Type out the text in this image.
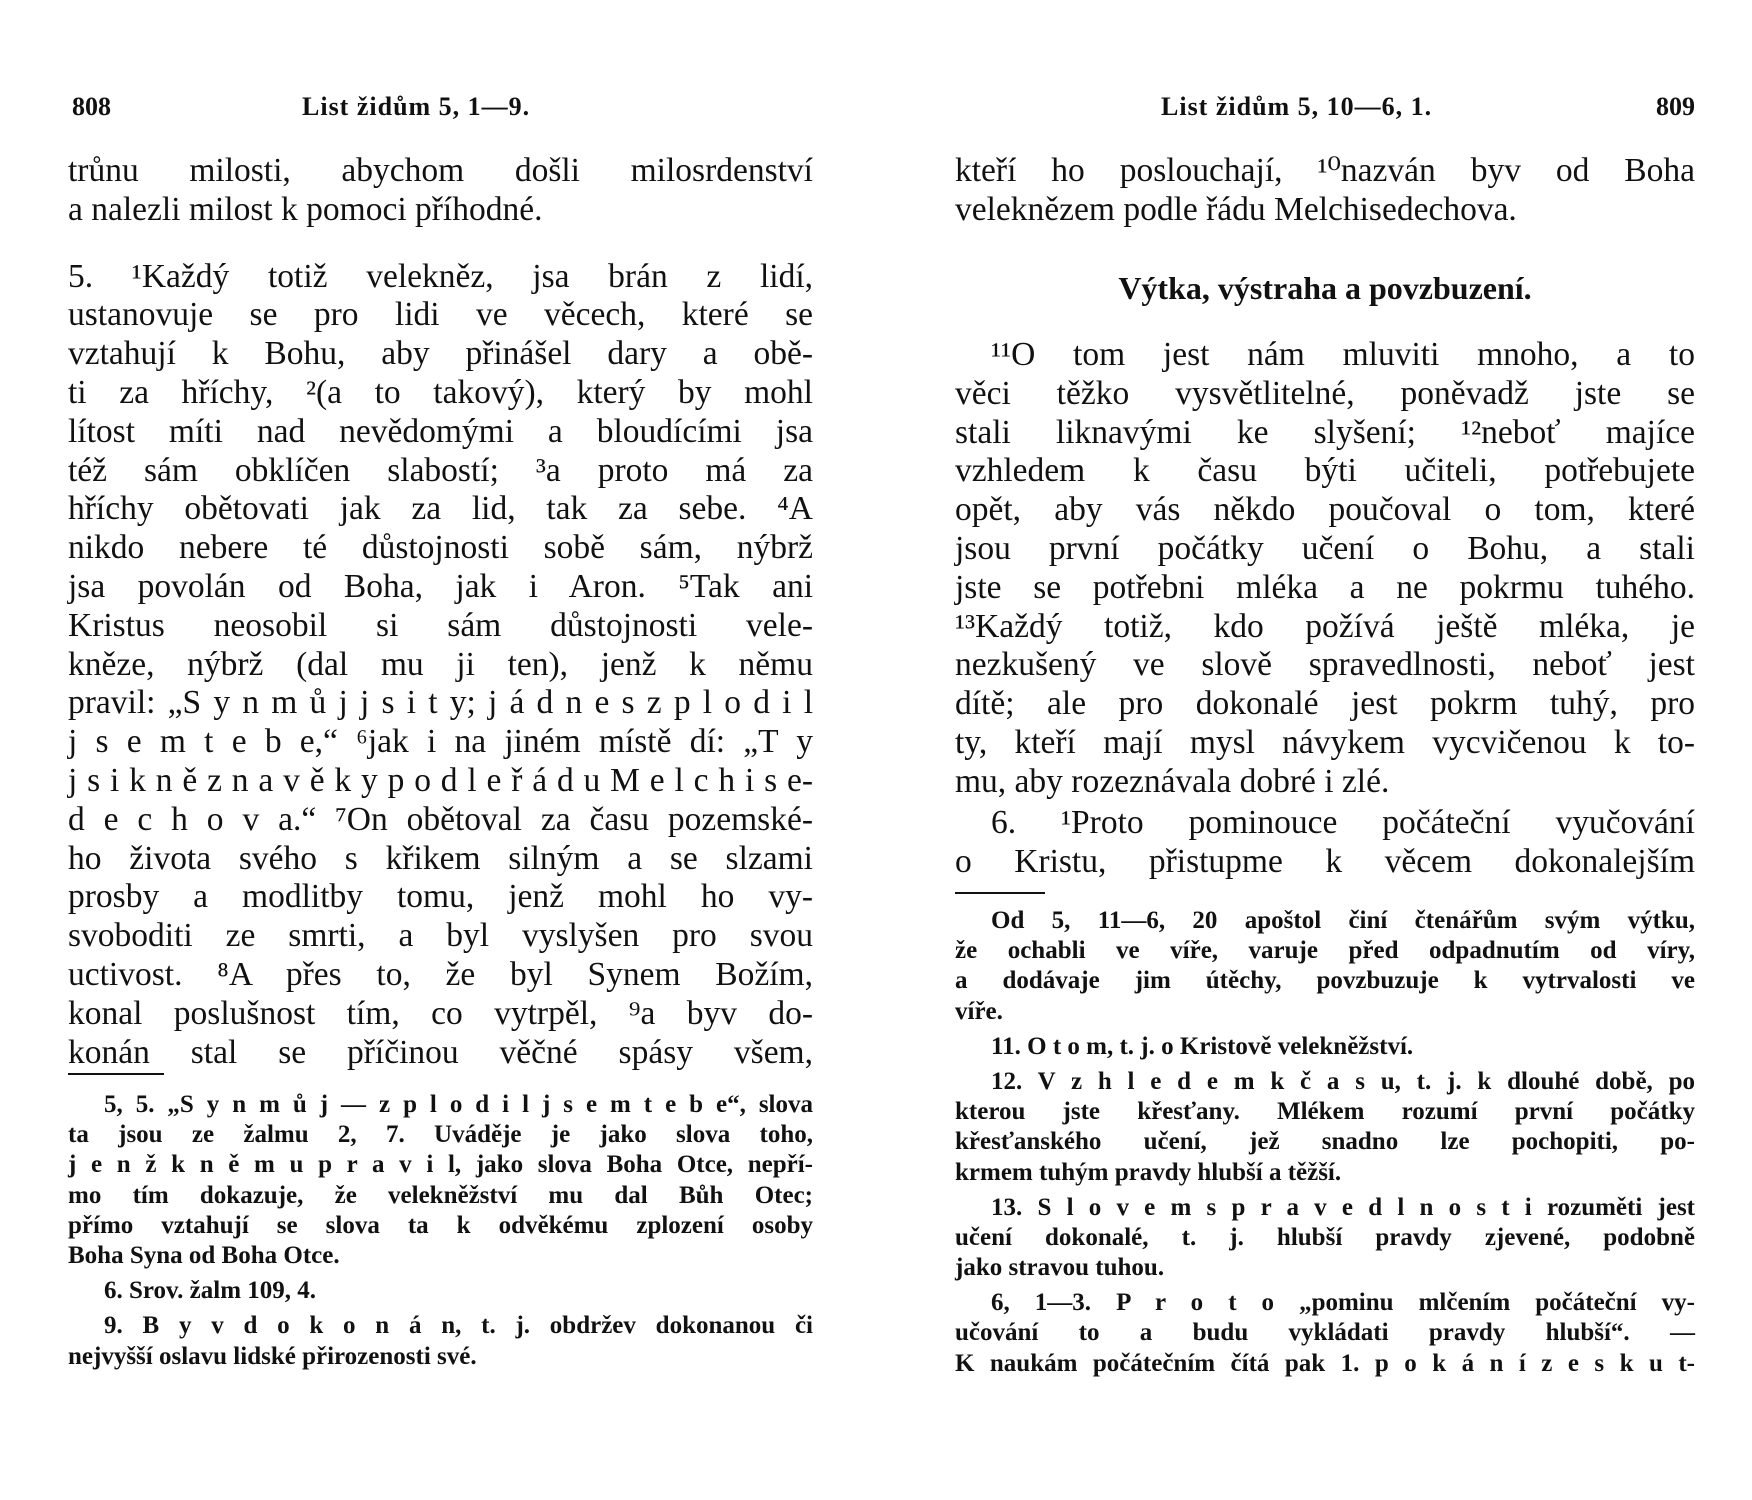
808	List židům 5, 1—9.
trůnu milosti, abychom došli milosrdenství
a nalezli milost k pomoci příhodné.
5. ¹Každý totiž velekněz, jsa brán z lidí,
ustanovuje se pro lidi ve věcech, které se
vztahují k Bohu, aby přinášel dary a obě-
ti za hříchy, ²(a to takový), který by mohl
lítost míti nad nevědomými a bloudícími jsa
též sám obklíčen slabostí; ³a proto má za
hříchy obětovati jak za lid, tak za sebe. ⁴A
nikdo nebere té důstojnosti sobě sám, nýbrž
jsa povolán od Boha, jak i Aron. ⁵Tak ani
Kristus neosobil si sám důstojnosti vele-
kněze, nýbrž (dal mu ji ten), jenž k němu
pravil: „S y n m ů j j s i t y; j á d n e s z p l o d i l
j s e m t e b e,“ ⁶jak i na jiném místě dí: „T y
j s i k n ě z n a v ě k y p o d l e ř á d u M e l c h i s e-
d e c h o v a.“ ⁷On obětoval za času pozemské-
ho života svého s křikem silným a se slzami
prosby a modlitby tomu, jenž mohl ho vy-
svoboditi ze smrti, a byl vyslyšen pro svou
uctivost. ⁸A přes to, že byl Synem Božím,
konal poslušnost tím, co vytrpěl, ⁹a byv do-
konán stal se příčinou věčné spásy všem,
5, 5. „S y n m ů j — z p l o d i l j s e m t e b e“, slova
ta jsou ze žalmu 2, 7. Uváděje je jako slova toho,
j e n ž k n ě m u p r a v i l, jako slova Boha Otce, nepří-
mo tím dokazuje, že velekněžství mu dal Bůh Otec;
přímo vztahují se slova ta k odvěkému zplození osoby
Boha Syna od Boha Otce.
6. Srov. žalm 109, 4.
9. B y v d o k o n á n, t. j. obdržev dokonanou či
nejvyšší oslavu lidské přirozenosti své.
List židům 5, 10—6, 1.	809
kteří ho poslouchají, ¹⁰nazván byv od Boha
veleknězem podle řádu Melchisedechova.
Výtka, výstraha a povzbuzení.
¹¹O tom jest nám mluviti mnoho, a to
věci těžko vysvětlitelné, poněvadž jste se
stali liknavými ke slyšení; ¹²neboť majíce
vzhledem k času býti učiteli, potřebujete
opět, aby vás někdo poučoval o tom, které
jsou první počátky učení o Bohu, a stali
jste se potřebni mléka a ne pokrmu tuhého.
¹³Každý totiž, kdo požívá ještě mléka, je
nezkušený ve slově spravedlnosti, neboť jest
dítě; ale pro dokonalé jest pokrm tuhý, pro
ty, kteří mají mysl návykem vycvičenou k to-
mu, aby rozeznávala dobré i zlé.
6. ¹Proto pominouce počáteční vyučování
o Kristu, přistupme k věcem dokonalejším
Od 5, 11—6, 20 apoštol činí čtenářům svým výtku,
že ochabli ve víře, varuje před odpadnutím od víry,
a dodávaje jim útěchy, povzbuzuje k vytrvalosti ve
víře.
11. O t o m, t. j. o Kristově velekněžství.
12. V z h l e d e m k č a s u, t. j. k dlouhé době, po
kterou jste křesťany. Mlékem rozumí první počátky
křesťanského učení, jež snadno lze pochopiti, po-
krmem tuhým pravdy hlubší a těžší.
13. S l o v e m s p r a v e d l n o s t i rozuměti jest
učení dokonalé, t. j. hlubší pravdy zjevené, podobně
jako stravou tuhou.
6, 1—3. P r o t o „pominu mlčením počáteční vy-
učování to a budu vykládati pravdy hlubší“. —
K naukám počátečním čítá pak 1. p o k á n í z e s k u t-
